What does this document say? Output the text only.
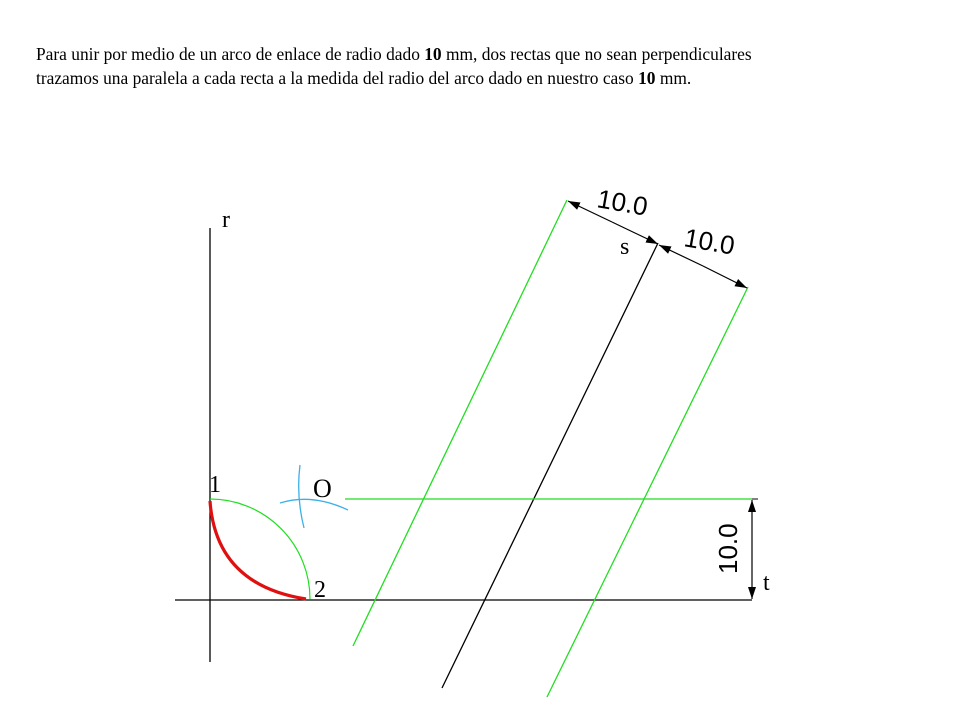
Para unir por medio de un arco de enlace de radio dado 10 mm, dos rectas que no sean perpendiculares
trazamos una paralela a cada recta a la medida del radio del arco dado en nuestro caso 10 mm.

10.0
10.0
10.0
r
s
t
1
2
O
